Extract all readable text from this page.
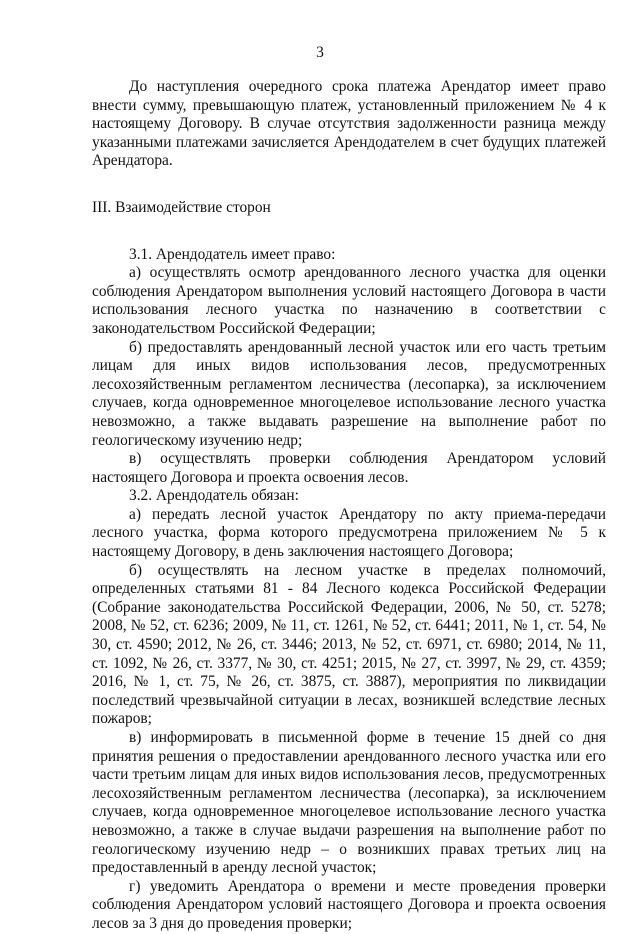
3

До наступления очередного срока платежа Арендатор имеет право внести сумму, превышающую платеж, установленный приложением № 4 к настоящему Договору. В случае отсутствия задолженности разница между указанными платежами зачисляется Арендодателем в счет будущих платежей Арендатора.

III. Взаимодействие сторон

3.1. Арендодатель имеет право:

а) осуществлять осмотр арендованного лесного участка для оценки соблюдения Арендатором выполнения условий настоящего Договора в части использования лесного участка по назначению в соответствии с законодательством Российской Федерации;

б) предоставлять арендованный лесной участок или его часть третьим лицам для иных видов использования лесов, предусмотренных лесохозяйственным регламентом лесничества (лесопарка), за исключением случаев, когда одновременное многоцелевое использование лесного участка невозможно, а также выдавать разрешение на выполнение работ по геологическому изучению недр;

в) осуществлять проверки соблюдения Арендатором условий настоящего Договора и проекта освоения лесов.

3.2. Арендодатель обязан:

а) передать лесной участок Арендатору по акту приема-передачи лесного участка, форма которого предусмотрена приложением № 5 к настоящему Договору, в день заключения настоящего Договора;

б) осуществлять на лесном участке в пределах полномочий, определенных статьями 81 - 84 Лесного кодекса Российской Федерации (Собрание законодательства Российской Федерации, 2006, № 50, ст. 5278; 2008, № 52, ст. 6236; 2009, № 11, ст. 1261, № 52, ст. 6441; 2011, № 1, ст. 54, № 30, ст. 4590; 2012, № 26, ст. 3446; 2013, № 52, ст. 6971, ст. 6980; 2014, № 11, ст. 1092, № 26, ст. 3377, № 30, ст. 4251; 2015, № 27, ст. 3997, № 29, ст. 4359; 2016, № 1, ст. 75, № 26, ст. 3875, ст. 3887), мероприятия по ликвидации последствий чрезвычайной ситуации в лесах, возникшей вследствие лесных пожаров;

в) информировать в письменной форме в течение 15 дней со дня принятия решения о предоставлении арендованного лесного участка или его части третьим лицам для иных видов использования лесов, предусмотренных лесохозяйственным регламентом лесничества (лесопарка), за исключением случаев, когда одновременное многоцелевое использование лесного участка невозможно, а также в случае выдачи разрешения на выполнение работ по геологическому изучению недр – о возникших правах третьих лиц на предоставленный в аренду лесной участок;

г) уведомить Арендатора о времени и месте проведения проверки соблюдения Арендатором условий настоящего Договора и проекта освоения лесов за 3 дня до проведения проверки;
